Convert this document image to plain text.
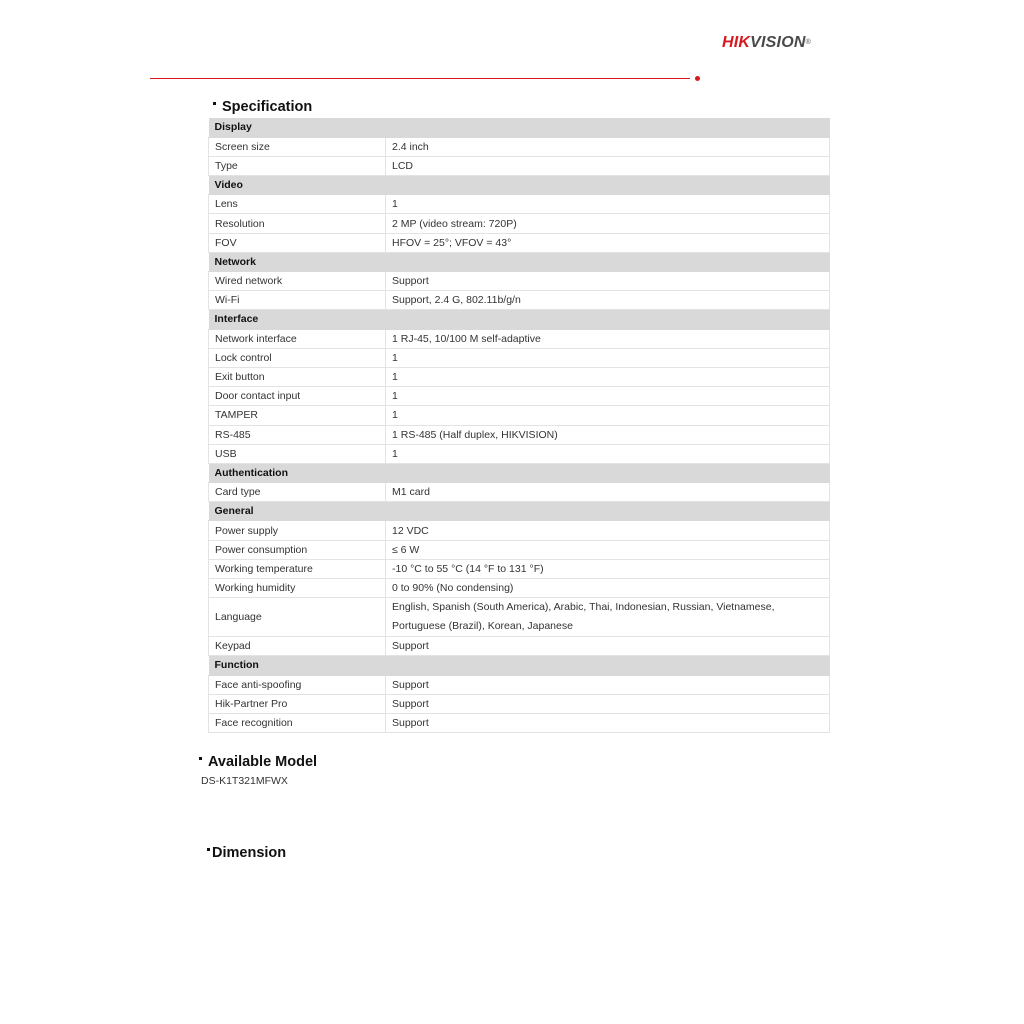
HIKVISION®
Specification
Display	
Screen size	2.4 inch
Type	LCD
Video	
Lens	1
Resolution	2 MP (video stream: 720P)
FOV	HFOV = 25°; VFOV = 43°
Network	
Wired network	Support
Wi-Fi	Support, 2.4 G, 802.11b/g/n
Interface	
Network interface	1 RJ-45, 10/100 M self-adaptive
Lock control	1
Exit button	1
Door contact input	1
TAMPER	1
RS-485	1 RS-485 (Half duplex, HIKVISION)
USB	1
Authentication	
Card type	M1 card
General	
Power supply	12 VDC
Power consumption	≤ 6 W
Working temperature	-10 °C to 55 °C (14 °F to 131 °F)
Working humidity	0 to 90% (No condensing)
Language	English, Spanish (South America), Arabic, Thai, Indonesian, Russian, Vietnamese, Portuguese (Brazil), Korean, Japanese
Keypad	Support
Function	
Face anti-spoofing	Support
Hik-Partner Pro	Support
Face recognition	Support
Available Model
DS-K1T321MFWX
Dimension
